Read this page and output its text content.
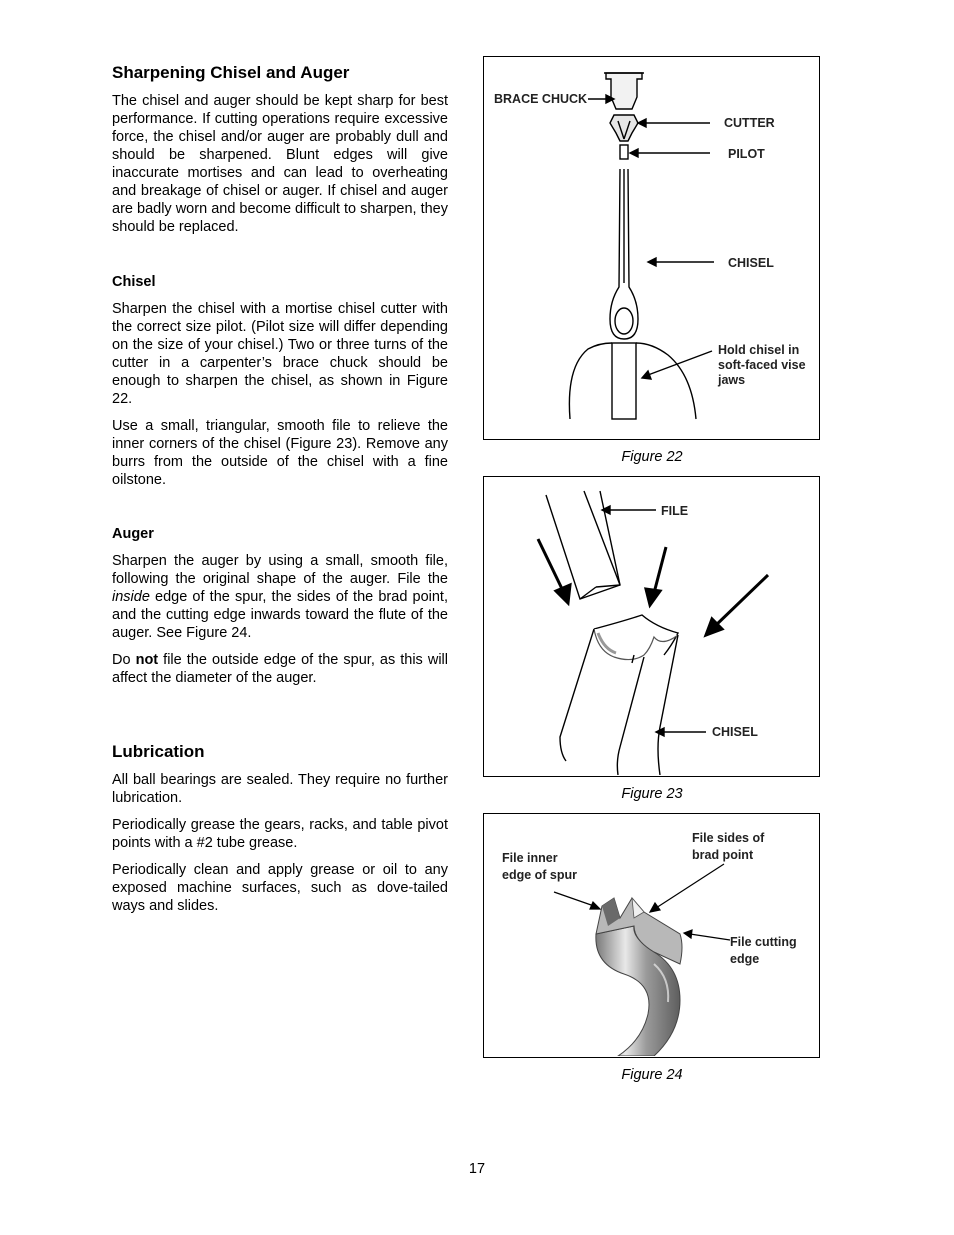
Sharpening Chisel and Auger

The chisel and auger should be kept sharp for best performance. If cutting operations require excessive force, the chisel and/or auger are probably dull and should be sharpened. Blunt edges will give inaccurate mortises and can lead to overheating and breakage of chisel or auger. If chisel and auger are badly worn and become difficult to sharpen, they should be replaced.

Chisel

Sharpen the chisel with a mortise chisel cutter with the correct size pilot. (Pilot size will differ depending on the size of your chisel.) Two or three turns of the cutter in a carpenter’s brace chuck should be enough to sharpen the chisel, as shown in Figure 22.

Use a small, triangular, smooth file to relieve the inner corners of the chisel (Figure 23). Remove any burrs from the outside of the chisel with a fine oilstone.

Auger

Sharpen the auger by using a small, smooth file, following the original shape of the auger. File the inside edge of the spur, the sides of the brad point, and the cutting edge inwards toward the flute of the auger. See Figure 24.

Do not file the outside edge of the spur, as this will affect the diameter of the auger.

Lubrication

All ball bearings are sealed. They require no further lubrication.

Periodically grease the gears, racks, and table pivot points with a #2 tube grease.

Periodically clean and apply grease or oil to any exposed machine surfaces, such as dove-tailed ways and slides.

BRACE CHUCK
CUTTER
PILOT
CHISEL
Hold chisel in
soft-faced vise
jaws
Figure 22
FILE
CHISEL
Figure 23
File inner
edge of spur
File sides of
brad point
File cutting
edge
Figure 24
17
